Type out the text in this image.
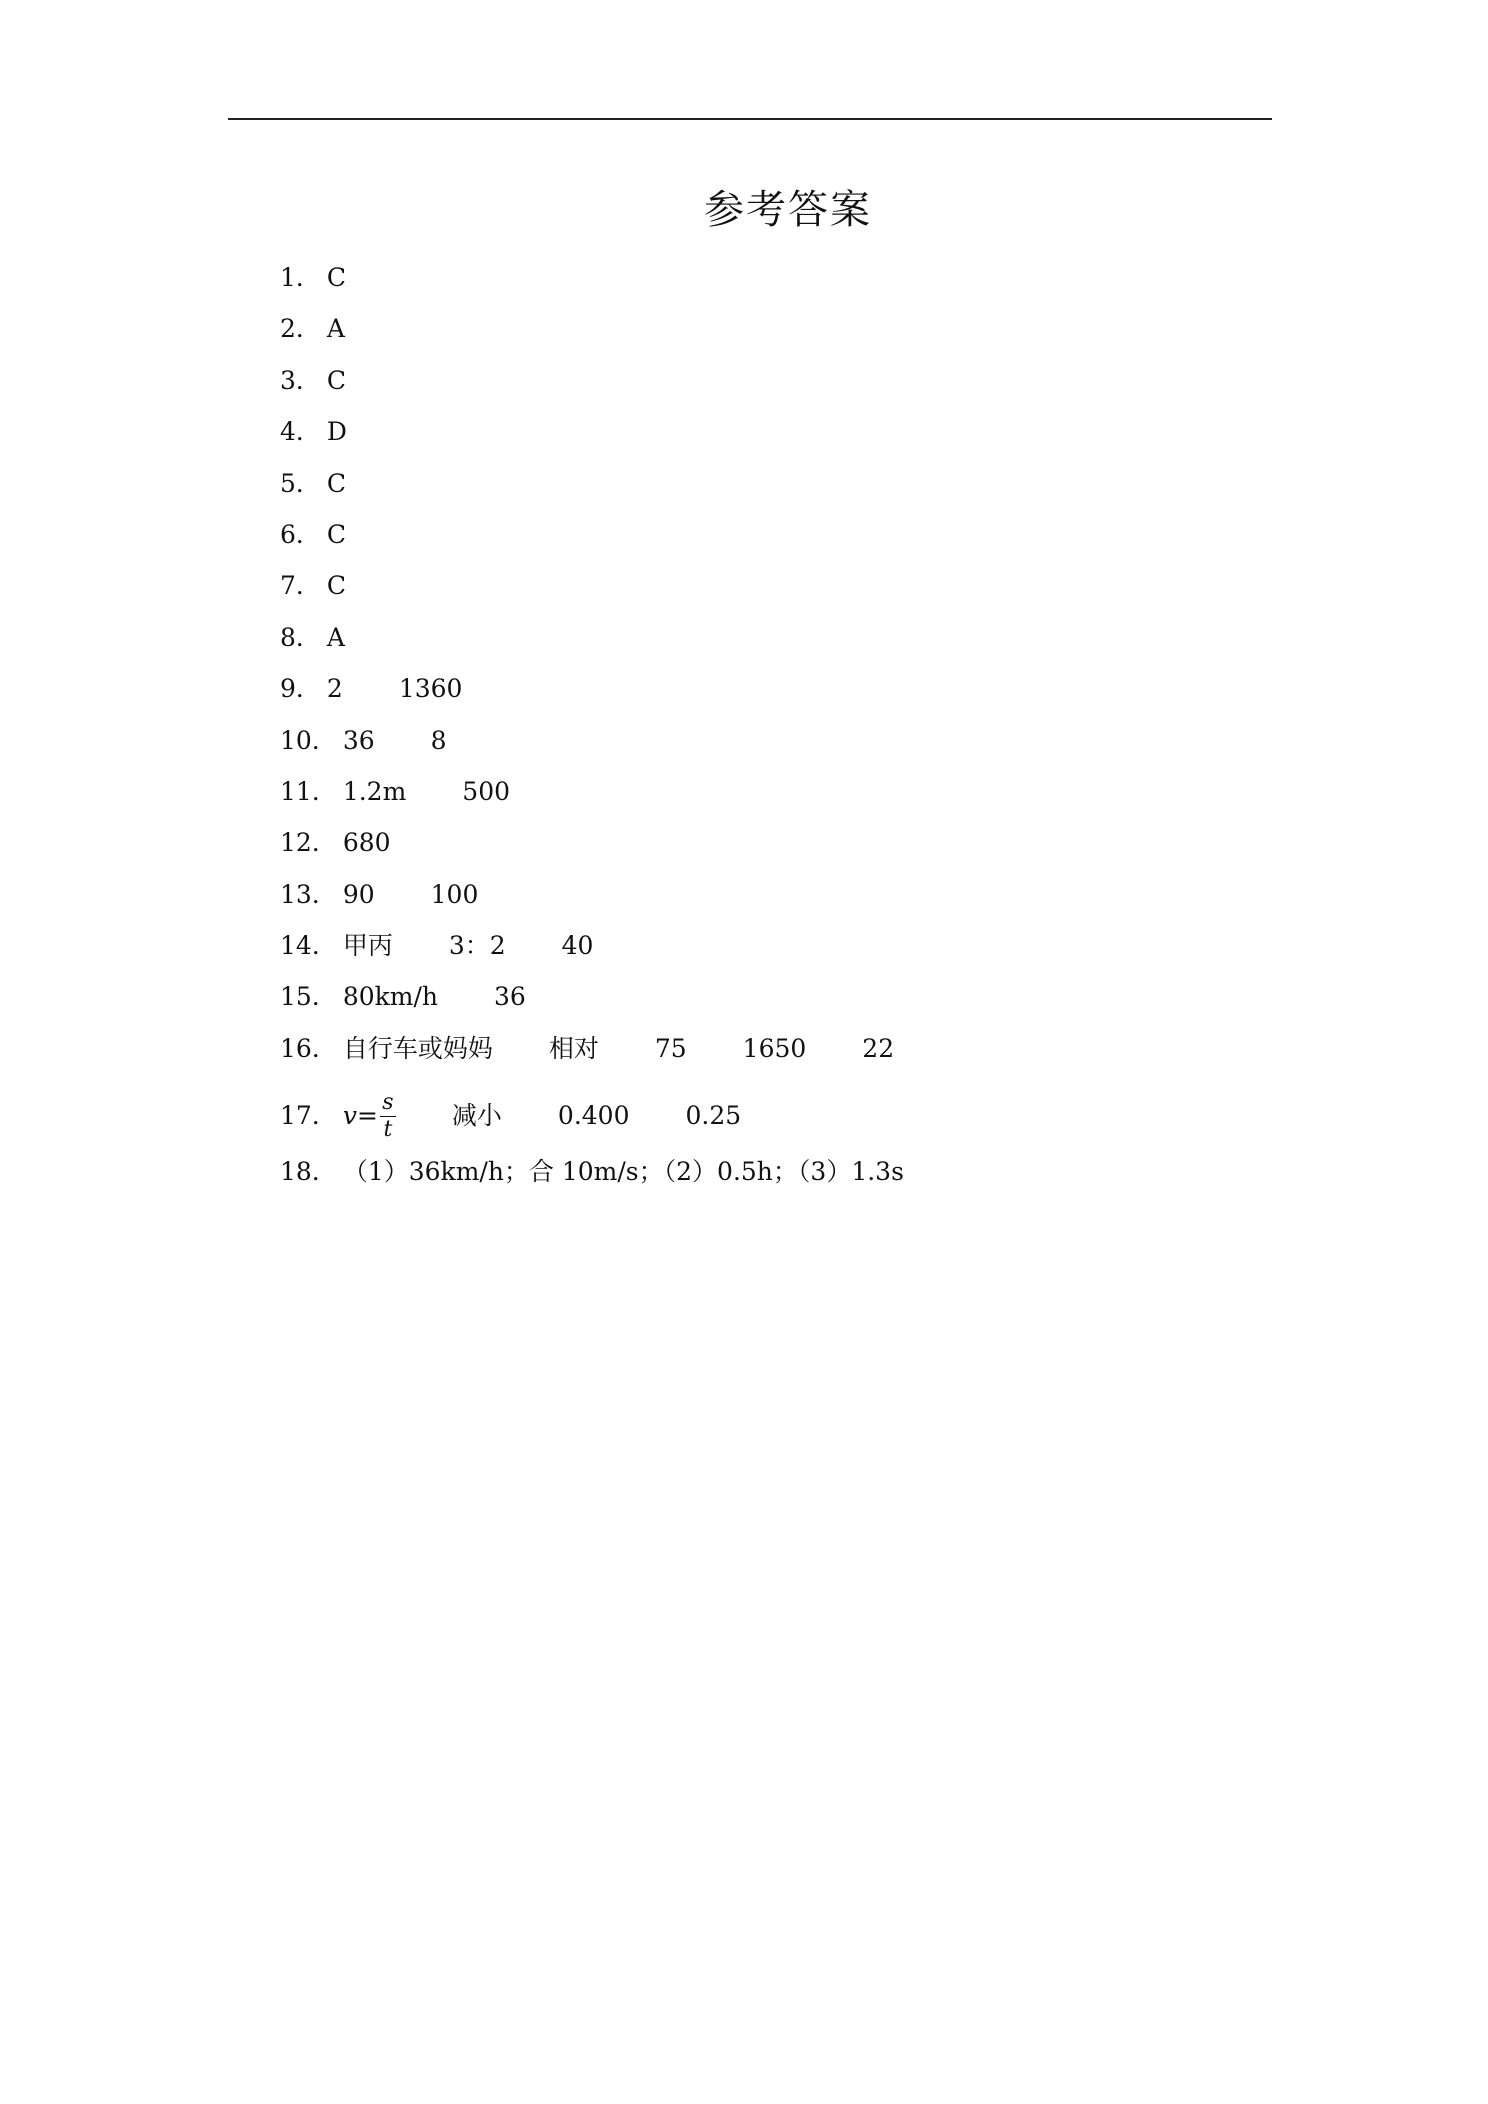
参考答案
1 ． C
2 ． A
3 ． C
4 ． D
5 ． C
6 ． C
7 ． C
8 ． A
9 ． 2 1360
10 ． 36 8
11 ． 1.2m 500
12 ． 680
13 ． 90 100
14 ． 甲丙 3：2 40
15 ． 80km/h 36
16 ． 自行车或妈妈 相对 75 1650 22
17 ． $v = \frac{s}{t}$ 减小 0.400 0.25
18 ． （1）36km/h；合 10m/s；（2）0.5h；（3）1.3s
